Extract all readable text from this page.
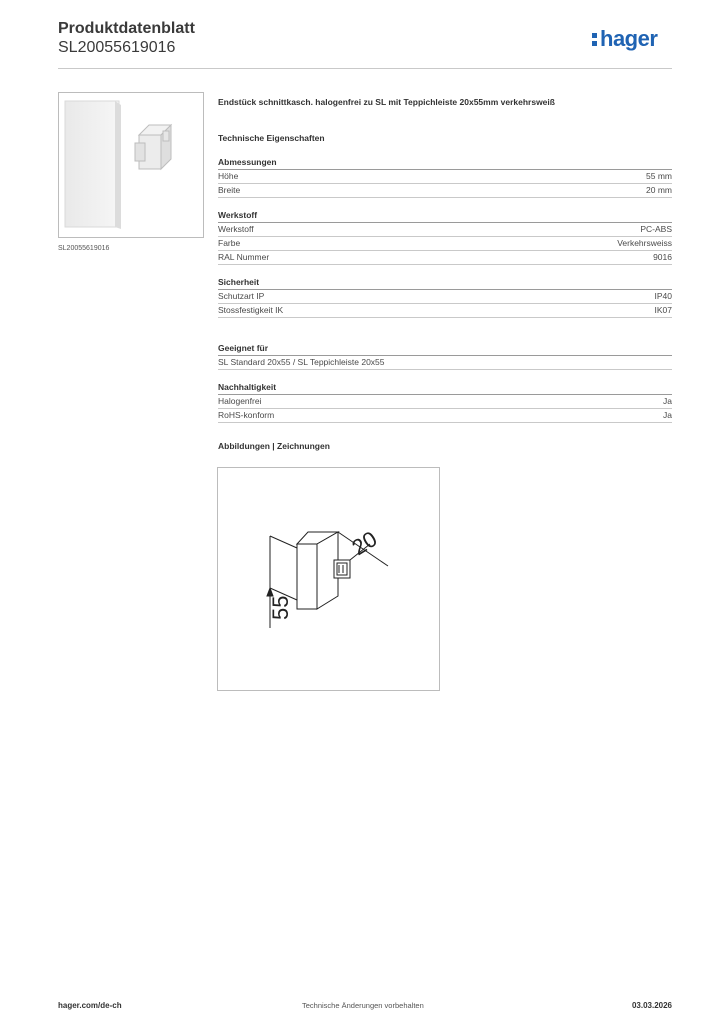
Produktdatenblatt
SL20055619016	hager
SL20055619016
Endstück schnittkasch. halogenfrei zu SL mit Teppichleiste 20x55mm verkehrsweiß
Technische Eigenschaften
Abmessungen
Höhe	55 mm
Breite	20 mm
Werkstoff
Werkstoff	PC-ABS
Farbe	Verkehrsweiss
RAL Nummer	9016
Sicherheit
Schutzart IP	IP40
Stossfestigkeit IK	IK07
Geeignet für
SL Standard 20x55 / SL Teppichleiste 20x55
Nachhaltigkeit
Halogenfrei	Ja
RoHS-konform	Ja
Abbildungen | Zeichnungen
55
20
hager.com/de-ch	Technische Änderungen vorbehalten	03.03.2026
